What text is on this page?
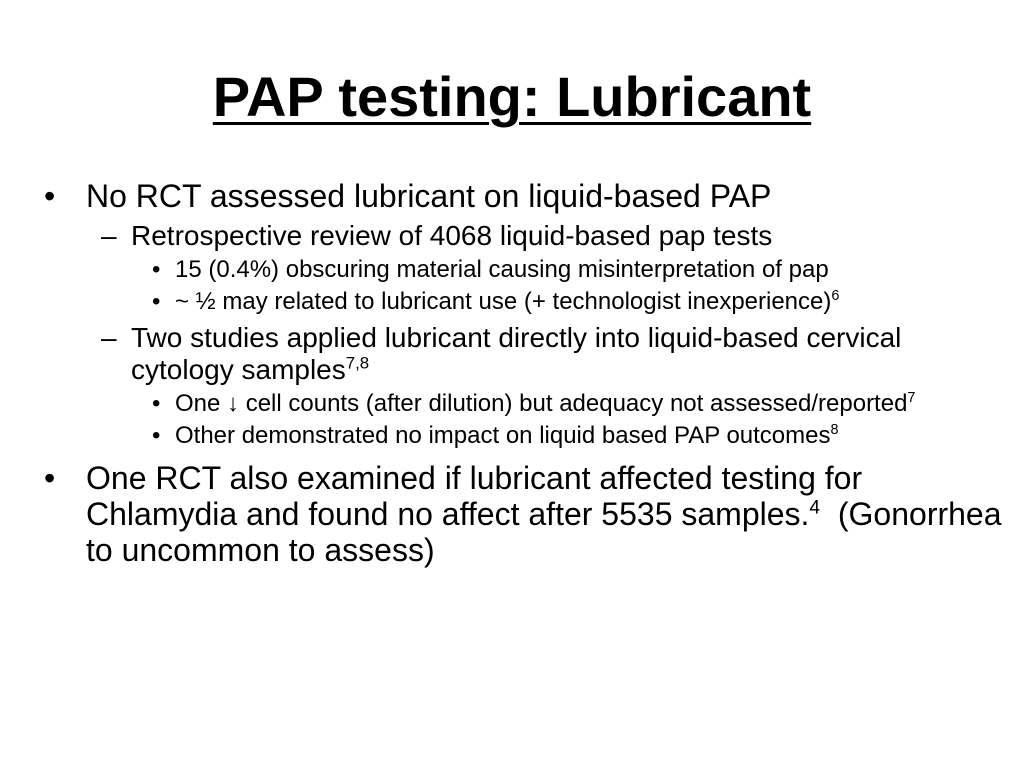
PAP testing: Lubricant
• No RCT assessed lubricant on liquid-based PAP
– Retrospective review of 4068 liquid-based pap tests
• 15 (0.4%) obscuring material causing misinterpretation of pap
• ~ ½ may related to lubricant use (+ technologist inexperience)$^6$
– Two studies applied lubricant directly into liquid-based cervical cytology samples$^{7,8}$
• One ↓ cell counts (after dilution) but adequacy not assessed/reported$^7$
• Other demonstrated no impact on liquid based PAP outcomes$^8$
• One RCT also examined if lubricant affected testing for Chlamydia and found no affect after 5535 samples.$^4$  (Gonorrhea to uncommon to assess)
